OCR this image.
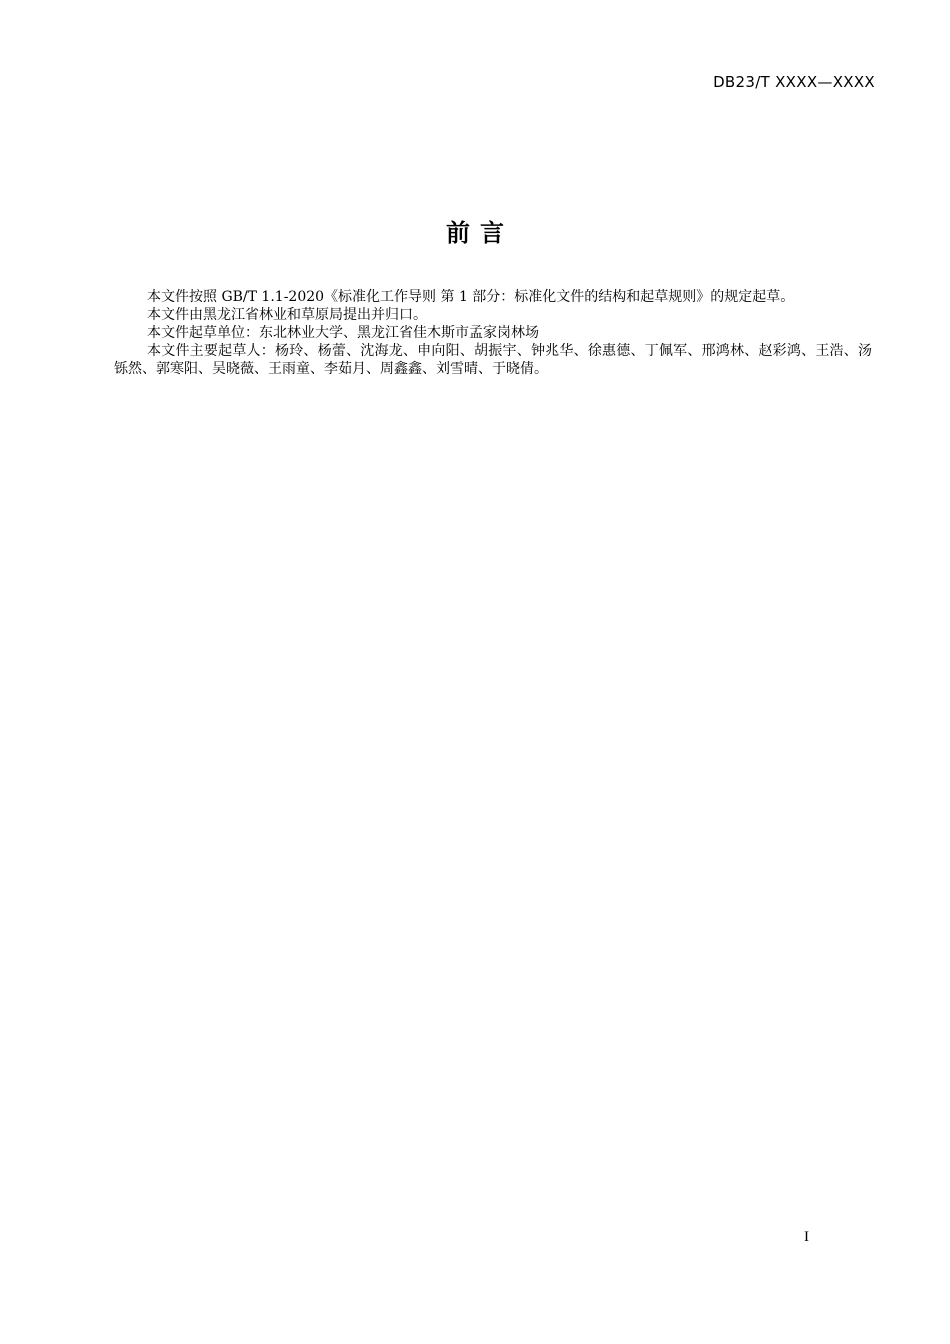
DB23/T XXXX—XXXX
前言

本文件按照 GB/T 1.1-2020《标准化工作导则 第 1 部分：标准化文件的结构和起草规则》的规定起草。

本文件由黑龙江省林业和草原局提出并归口。

本文件起草单位：东北林业大学、黑龙江省佳木斯市孟家岗林场

本文件主要起草人：杨玲、杨蕾、沈海龙、申向阳、胡振宇、钟兆华、徐惠德、丁佩军、邢鸿林、赵彩鸿、王浩、汤铄然、郭寒阳、吴晓薇、王雨童、李茹月、周鑫鑫、刘雪晴、于晓倩。

I
